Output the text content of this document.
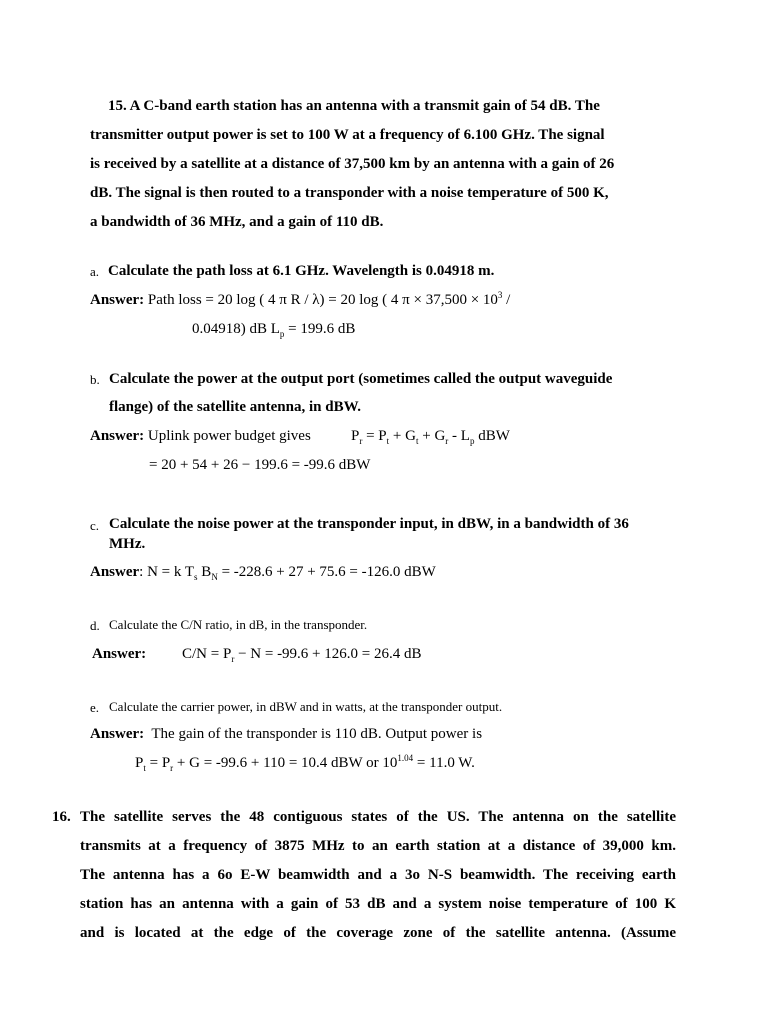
15. A C-band earth station has an antenna with a transmit gain of 54 dB. The
transmitter output power is set to 100 W at a frequency of 6.100 GHz. The signal
is received by a satellite at a distance of 37,500 km by an antenna with a gain of 26
dB. The signal is then routed to a transponder with a noise temperature of 500 K,
a bandwidth of 36 MHz, and a gain of 110 dB.
a. Calculate the path loss at 6.1 GHz. Wavelength is 0.04918 m.
Answer: Path loss = 20 log ( 4 π R / λ) = 20 log ( 4 $\pi \times 37,500 \times 10^3$ /
0.04918) dB $L_p = 199.6$ dB
b. Calculate the power at the output port (sometimes called the output waveguide
flange) of the satellite antenna, in dBW.
Answer: Uplink power budget gives	$P_r = P_t + G_t + G_r - L_p$ dBW
= 20 + 54 + 26 − 199.6 = -99.6 dBW
c. Calculate the noise power at the transponder input, in dBW, in a bandwidth of 36
MHz.
Answer: N = k $T_s$ $B_N = -228.6 + 27 + 75.6 = -126.0$ dBW
d. Calculate the C/N ratio, in dB, in the transponder.
Answer: $C/N = P_r - N = -99.6 + 126.0 = 26.4$ dB
e. Calculate the carrier power, in dBW and in watts, at the transponder output.
Answer: The gain of the transponder is 110 dB. Output power is
$P_t = P_r + G = -99.6 + 110 = 10.4$ dBW or $10^{1.04} = 11.0$ W.
16. The satellite serves the 48 contiguous states of the US. The antenna on the satellite
transmits at a frequency of 3875 MHz to an earth station at a distance of 39,000 km.
The antenna has a 6o E-W beamwidth and a 3o N-S beamwidth. The receiving earth
station has an antenna with a gain of 53 dB and a system noise temperature of 100 K
and is located at the edge of the coverage zone of the satellite antenna. (Assume
